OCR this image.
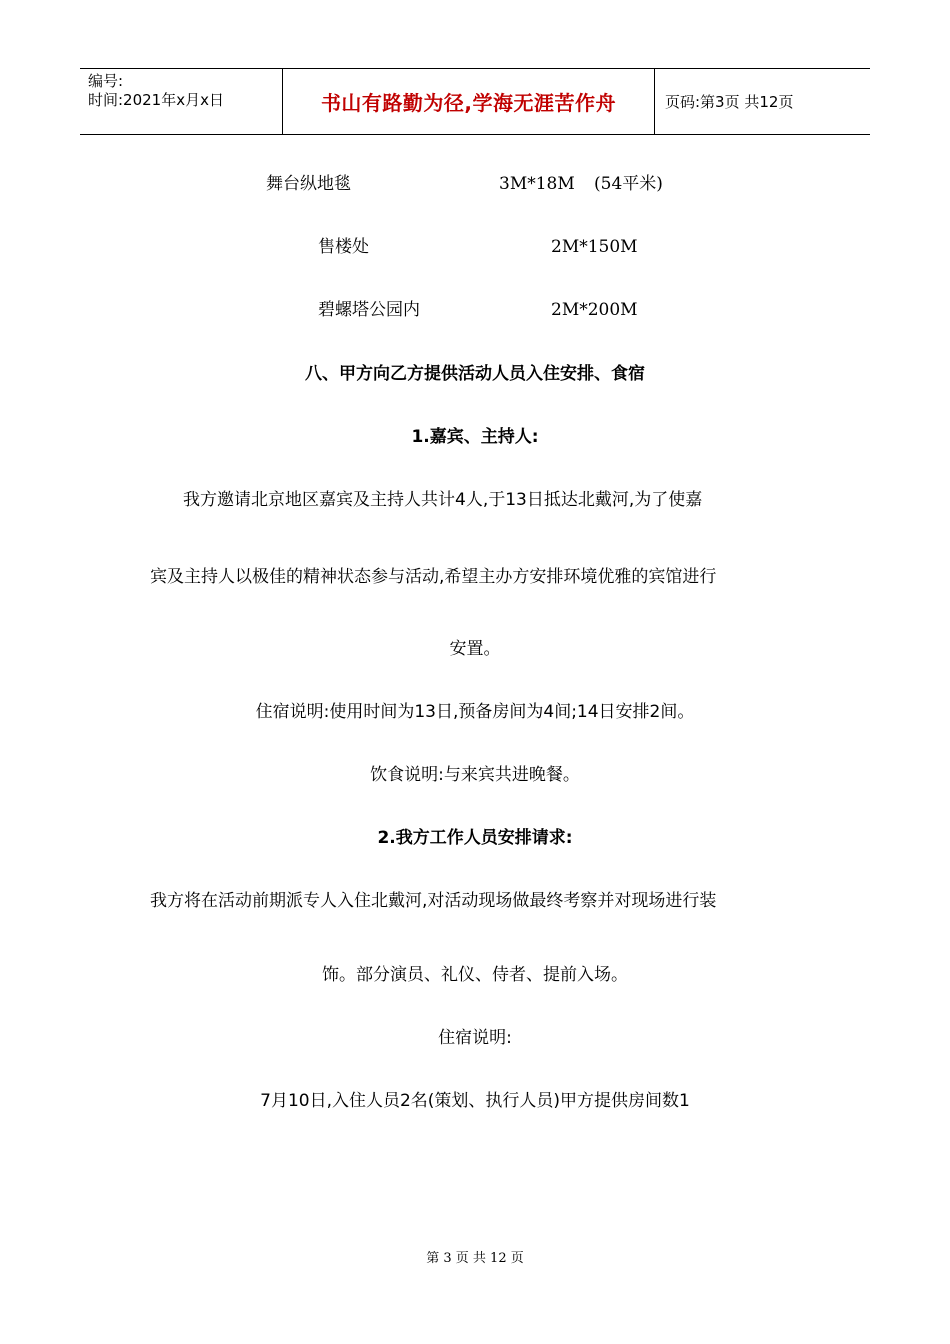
编号:
时间:2021年x月x日	书山有路勤为径,学海无涯苦作舟	页码:第3页 共12页
舞台纵地毯	3M*18M (54平米)
售楼处	2M*150M
碧螺塔公园内	2M*200M
八、甲方向乙方提供活动人员入住安排、食宿
1.嘉宾、主持人:
我方邀请北京地区嘉宾及主持人共计4人,于13日抵达北戴河,为了使嘉
宾及主持人以极佳的精神状态参与活动,希望主办方安排环境优雅的宾馆进行
安置。
住宿说明:使用时间为13日,预备房间为4间;14日安排2间。
饮食说明:与来宾共进晚餐。
2.我方工作人员安排请求:
我方将在活动前期派专人入住北戴河,对活动现场做最终考察并对现场进行装
饰。部分演员、礼仪、侍者、提前入场。
住宿说明:
7月10日,入住人员2名(策划、执行人员)甲方提供房间数1
第 3 页 共 12 页
